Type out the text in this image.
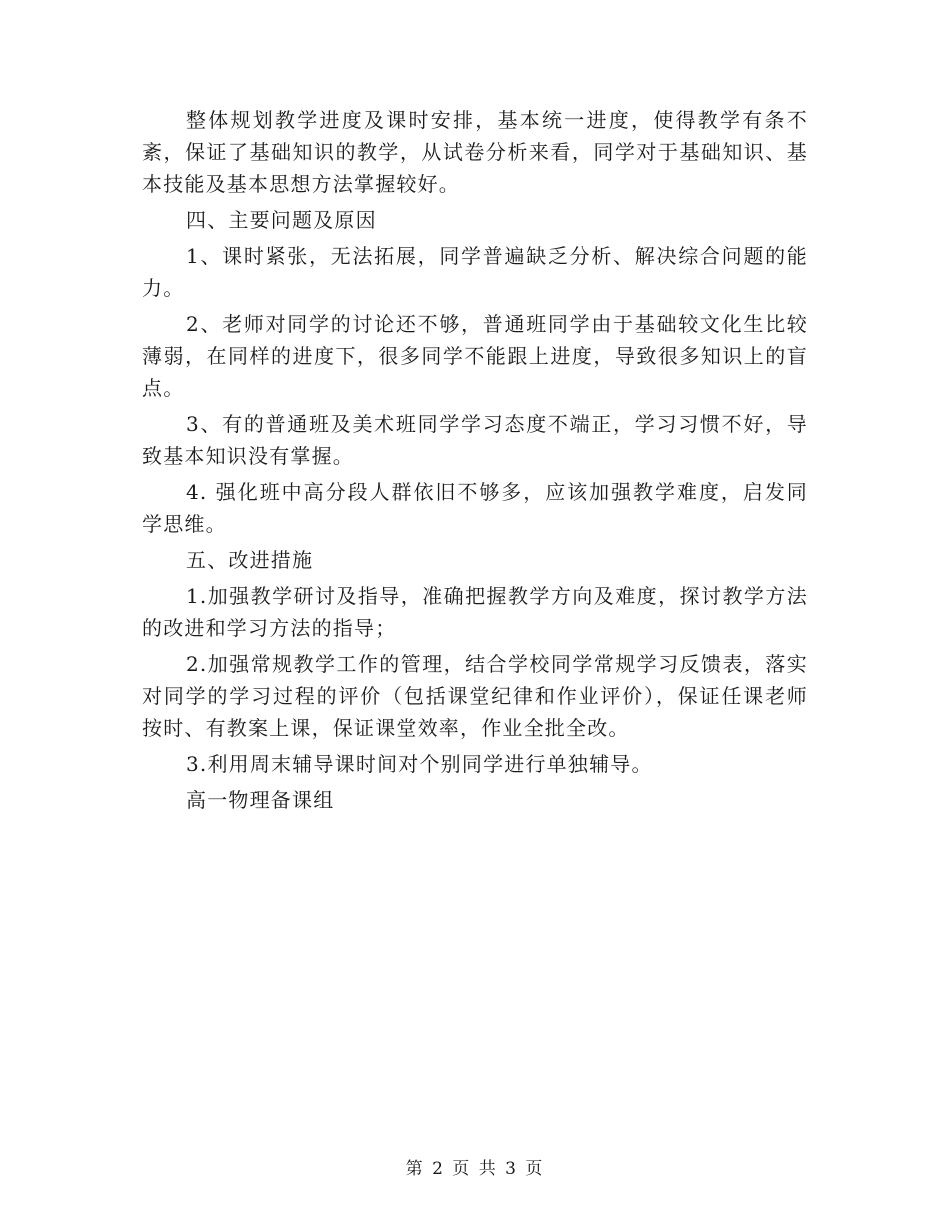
整体规划教学进度及课时安排，基本统一进度，使得教学有条不紊，保证了基础知识的教学，从试卷分析来看，同学对于基础知识、基本技能及基本思想方法掌握较好。

四、主要问题及原因

1、课时紧张，无法拓展，同学普遍缺乏分析、解决综合问题的能力。

2、老师对同学的讨论还不够，普通班同学由于基础较文化生比较薄弱，在同样的进度下，很多同学不能跟上进度，导致很多知识上的盲点。

3、有的普通班及美术班同学学习态度不端正，学习习惯不好，导致基本知识没有掌握。

4. 强化班中高分段人群依旧不够多，应该加强教学难度，启发同学思维。

五、改进措施

1.加强教学研讨及指导，准确把握教学方向及难度，探讨教学方法的改进和学习方法的指导；

2.加强常规教学工作的管理，结合学校同学常规学习反馈表，落实对同学的学习过程的评价（包括课堂纪律和作业评价），保证任课老师按时、有教案上课，保证课堂效率，作业全批全改。

3.利用周末辅导课时间对个别同学进行单独辅导。

高一物理备课组

第 2 页 共 3 页
